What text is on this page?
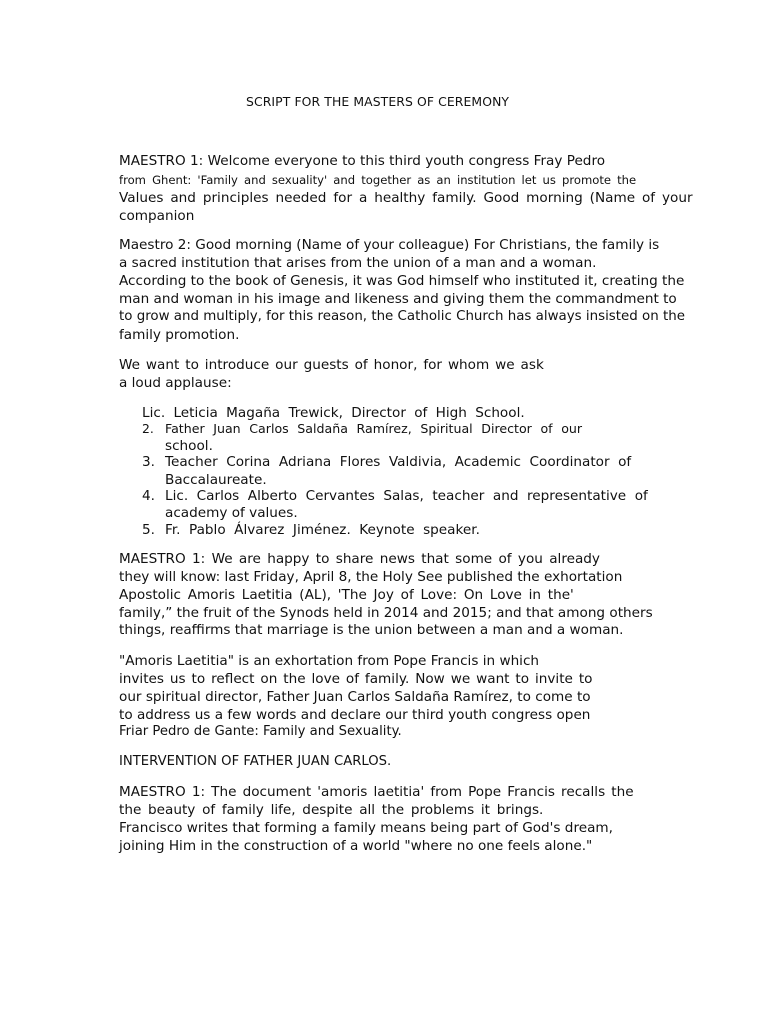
SCRIPT FOR THE MASTERS OF CEREMONY
MAESTRO 1: Welcome everyone to this third youth congress Fray Pedro
from Ghent: 'Family and sexuality' and together as an institution let us promote the
Values and principles needed for a healthy family. Good morning (Name of your
companion
Maestro 2: Good morning (Name of your colleague) For Christians, the family is
a sacred institution that arises from the union of a man and a woman.
According to the book of Genesis, it was God himself who instituted it, creating the
man and woman in his image and likeness and giving them the commandment to
to grow and multiply, for this reason, the Catholic Church has always insisted on the
family promotion.
We want to introduce our guests of honor, for whom we ask
a loud applause:
Lic. Leticia Magaña Trewick, Director of High School.
2. Father Juan Carlos Saldaña Ramírez, Spiritual Director of our
school.
3. Teacher Corina Adriana Flores Valdivia, Academic Coordinator of
Baccalaureate.
4. Lic. Carlos Alberto Cervantes Salas, teacher and representative of
academy of values.
5. Fr. Pablo Álvarez Jiménez. Keynote speaker.
MAESTRO 1: We are happy to share news that some of you already
they will know: last Friday, April 8, the Holy See published the exhortation
Apostolic Amoris Laetitia (AL), 'The Joy of Love: On Love in the'
family,” the fruit of the Synods held in 2014 and 2015; and that among others
things, reaffirms that marriage is the union between a man and a woman.
"Amoris Laetitia" is an exhortation from Pope Francis in which
invites us to reflect on the love of family. Now we want to invite to
our spiritual director, Father Juan Carlos Saldaña Ramírez, to come to
to address us a few words and declare our third youth congress open
Friar Pedro de Gante: Family and Sexuality.
INTERVENTION OF FATHER JUAN CARLOS.
MAESTRO 1: The document 'amoris laetitia' from Pope Francis recalls the
the beauty of family life, despite all the problems it brings.
Francisco writes that forming a family means being part of God's dream,
joining Him in the construction of a world "where no one feels alone."
